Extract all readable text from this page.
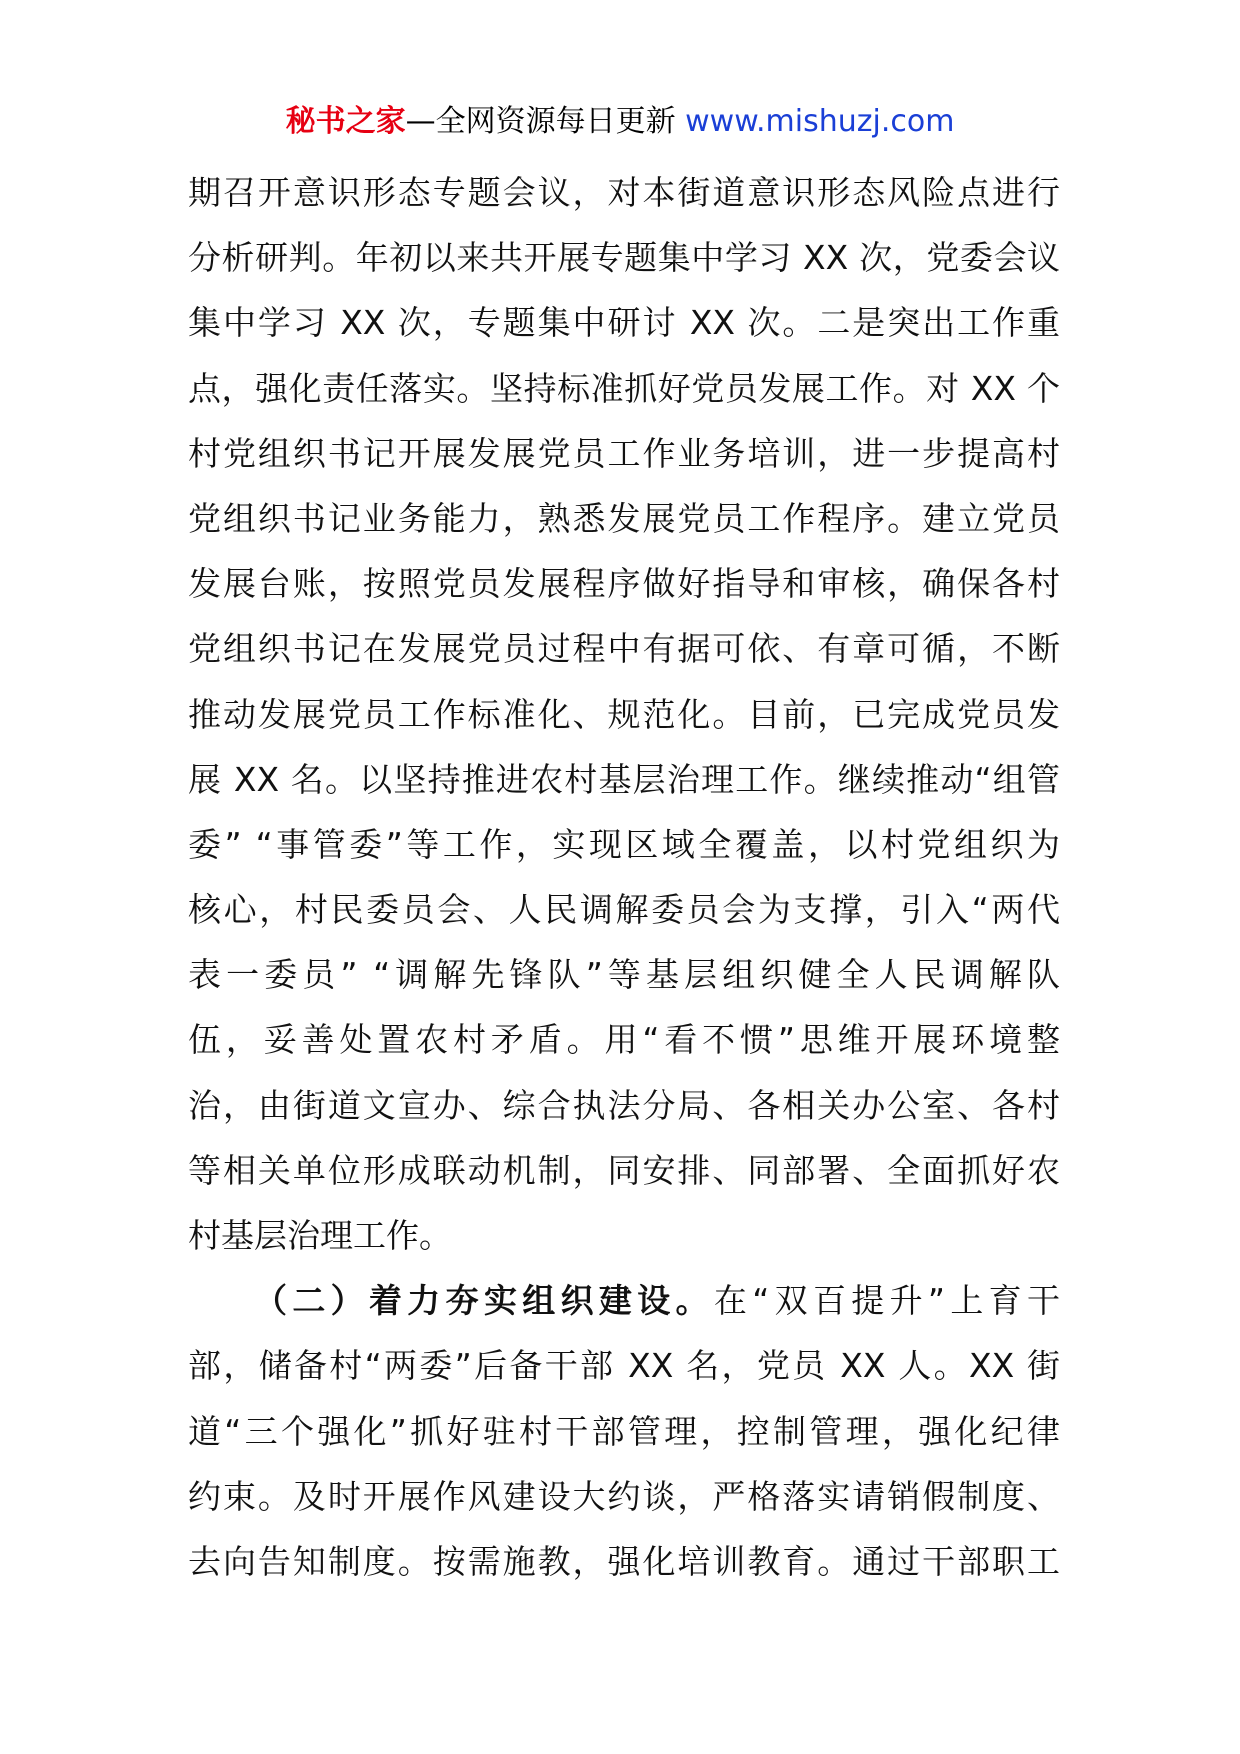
秘书之家—全网资源每日更新 www.mishuzj.com
期召开意识形态专题会议，对本街道意识形态风险点进行
分析研判。年初以来共开展专题集中学习 XX 次，党委会议
集中学习 XX 次，专题集中研讨 XX 次。二是突出工作重
点，强化责任落实。坚持标准抓好党员发展工作。对 XX 个
村党组织书记开展发展党员工作业务培训，进一步提高村
党组织书记业务能力，熟悉发展党员工作程序。建立党员
发展台账，按照党员发展程序做好指导和审核，确保各村
党组织书记在发展党员过程中有据可依、有章可循，不断
推动发展党员工作标准化、规范化。目前，已完成党员发
展 XX 名。以坚持推进农村基层治理工作。继续推动“组管
委” “事管委”等工作，实现区域全覆盖，以村党组织为
核心，村民委员会、人民调解委员会为支撑，引入“两代
表一委员” “调解先锋队”等基层组织健全人民调解队
伍，妥善处置农村矛盾。用“看不惯”思维开展环境整
治，由街道文宣办、综合执法分局、各相关办公室、各村
等相关单位形成联动机制，同安排、同部署、全面抓好农
村基层治理工作。
（二）着力夯实组织建设。在“双百提升”上育干
部，储备村“两委”后备干部 XX 名，党员 XX 人。XX 街
道“三个强化”抓好驻村干部管理，控制管理，强化纪律
约束。及时开展作风建设大约谈，严格落实请销假制度、
去向告知制度。按需施教，强化培训教育。通过干部职工
